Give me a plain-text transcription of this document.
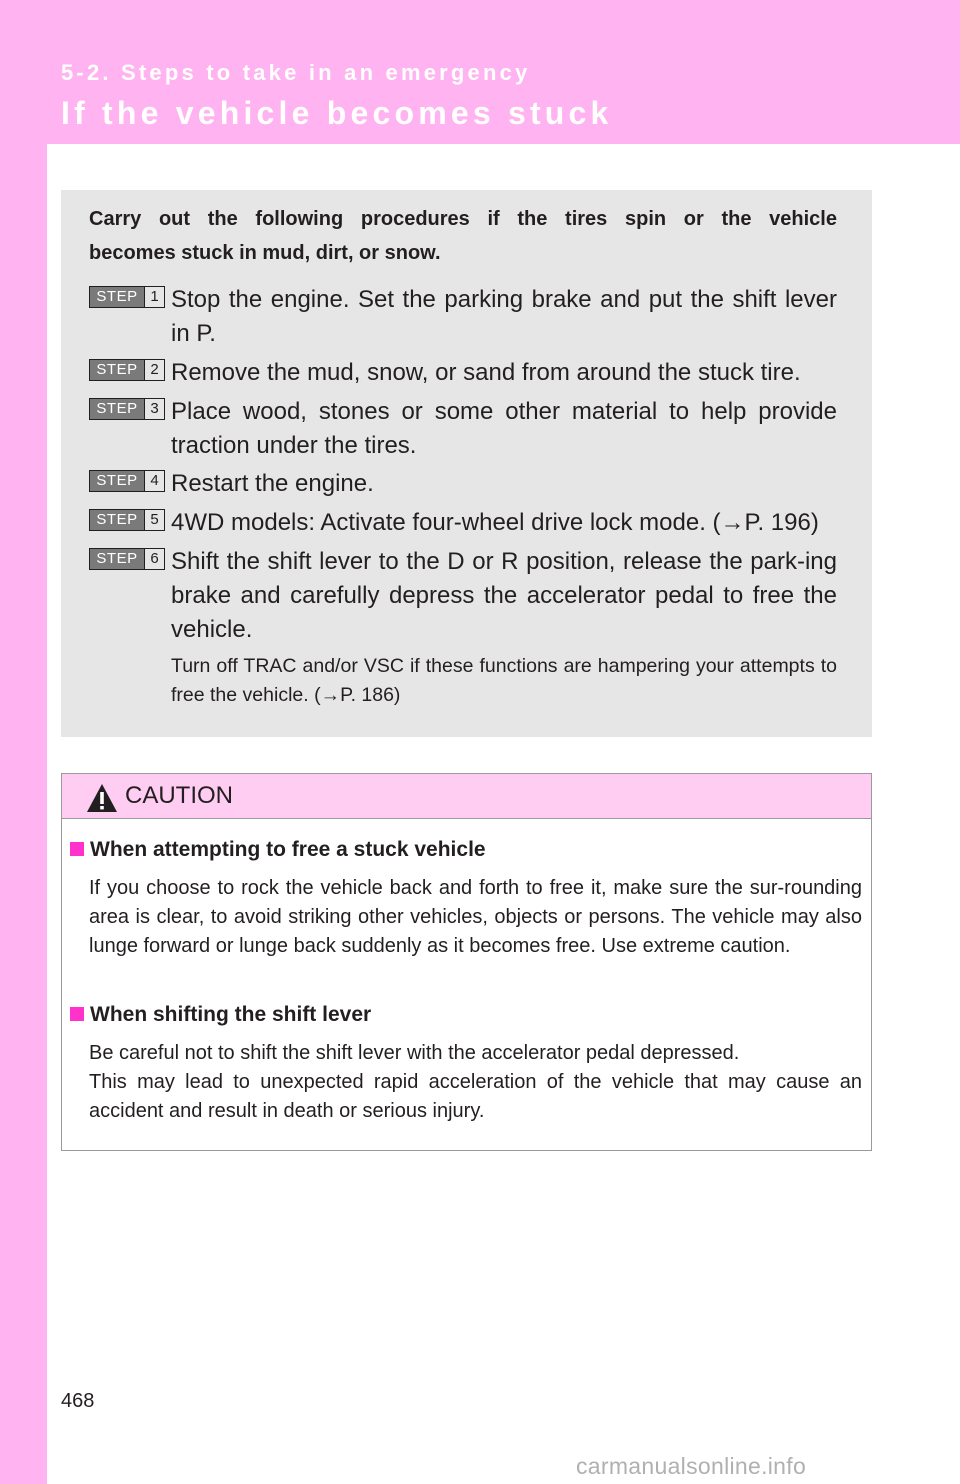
5-2. Steps to take in an emergency
If the vehicle becomes stuck
Carry out the following procedures if the tires spin or the vehicle
becomes stuck in mud, dirt, or snow.
STEP 1 Stop the engine. Set the parking brake and put the shift lever in P.
STEP 2 Remove the mud, snow, or sand from around the stuck tire.
STEP 3 Place wood, stones or some other material to help provide traction under the tires.
STEP 4 Restart the engine.
STEP 5 4WD models: Activate four-wheel drive lock mode. (→P. 196)
STEP 6 Shift the shift lever to the D or R position, release the park-ing brake and carefully depress the accelerator pedal to free the vehicle.
Turn off TRAC and/or VSC if these functions are hampering your attempts to free the vehicle. (→P. 186)
CAUTION
When attempting to free a stuck vehicle
If you choose to rock the vehicle back and forth to free it, make sure the sur-rounding area is clear, to avoid striking other vehicles, objects or persons. The vehicle may also lunge forward or lunge back suddenly as it becomes free. Use extreme caution.
When shifting the shift lever
Be careful not to shift the shift lever with the accelerator pedal depressed.
This may lead to unexpected rapid acceleration of the vehicle that may cause an accident and result in death or serious injury.
468
carmanualsonline.info
